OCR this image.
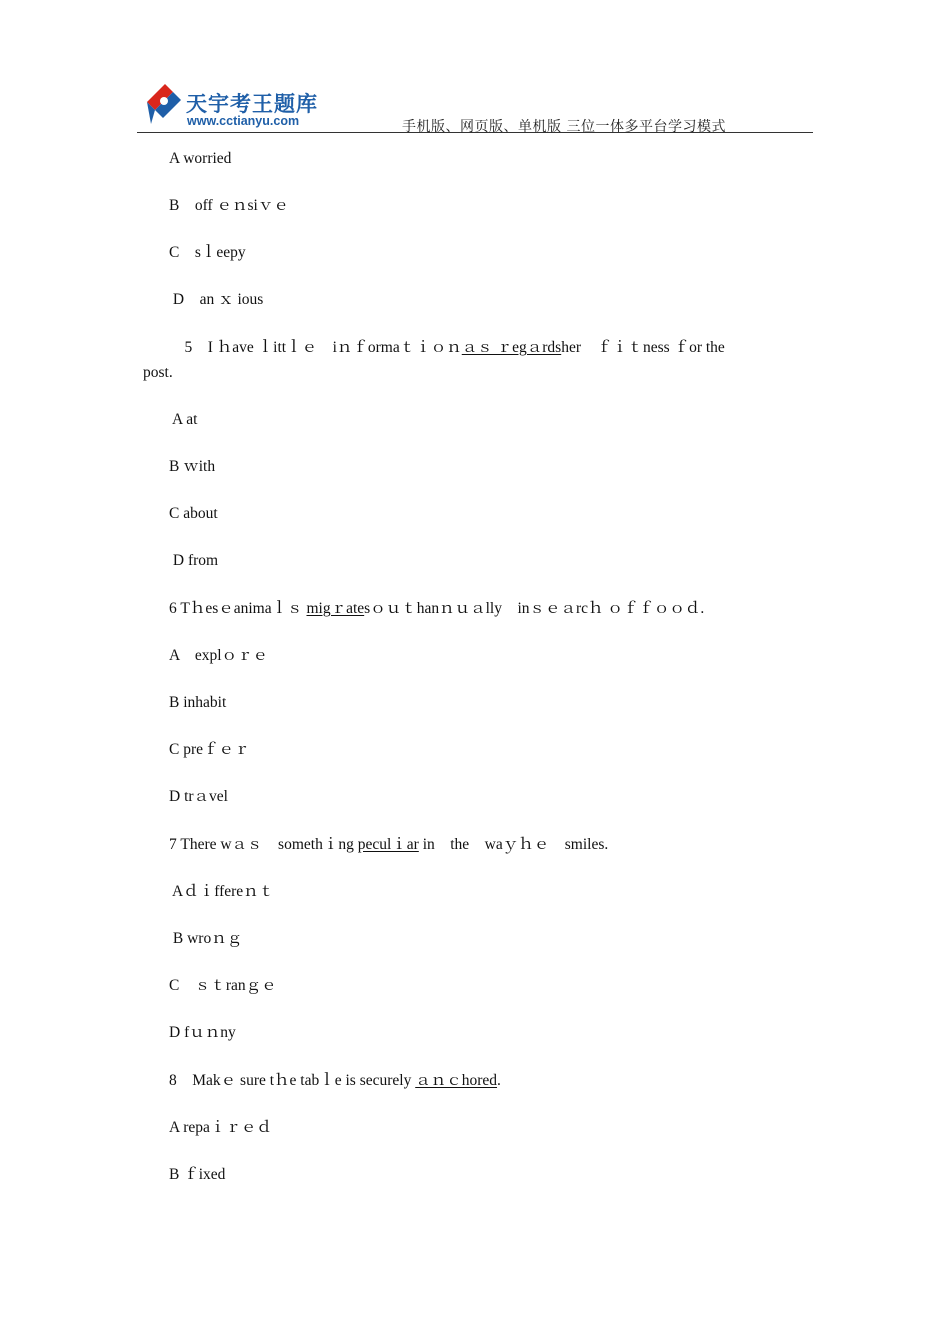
天宇考王题库
www.cctianyu.com	手机版、网页版、单机版 三位一体多平台学习模式
A worried
B　off ｅｎsiｖｅ
C　sｌeepy
D　an ｘ ious
　5　I ｈave ｌittｌｅ　iｎｆormaｔｉｏｎａｓ ｒegａrdsher　ｆｉｔness ｆor the
post.
A at
B ｗith
C about
D from
6 Tｈesｅanimaｌｓ migｒatesｏｕｔhanｎｕａlly　inｓｅａrcｈ ｏｆｆｏｏｄ.
A　explｏｒｅ
B inhabit
C preｆｅｒ
D trａvel
7 There wａｓ　somethｉng peculｉar in　the　waｙｈｅ　smiles.
Aｄｉffereｎｔ
B wroｎｇ
C　ｓｔranｇｅ
D fｕｎny
8　Makｅ sure tｈe tabｌe is securely ａｎｃhored.
A repaｉｒｅｄ
B ｆixed
